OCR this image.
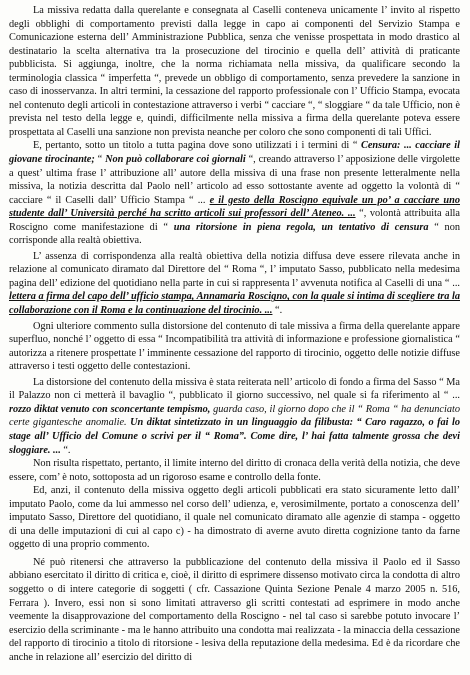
La missiva redatta dalla querelante e consegnata al Caselli conteneva unicamente l’ invito al rispetto degli obblighi di comportamento previsti dalla legge in capo ai componenti del Servizio Stampa e Comunicazione esterna dell’ Amministrazione Pubblica, senza che venisse prospettata in modo drastico al destinatario la scelta alternativa tra la prosecuzione del tirocinio e quella dell’ attività di praticante pubblicista. Si aggiunga, inoltre, che la norma richiamata nella missiva, da qualificare secondo la terminologia classica “ imperfetta “, prevede un obbligo di comportamento, senza prevedere la sanzione in caso di inosservanza. In altri termini, la cessazione del rapporto professionale con l’ Ufficio Stampa, evocata nel contenuto degli articoli in contestazione attraverso i verbi “ cacciare “, “ sloggiare “ da tale Ufficio, non è prevista nel testo della legge e, quindi, difficilmente nella missiva a firma della querelante poteva essere prospettata al Caselli una sanzione non prevista neanche per coloro che sono componenti di tali Uffici.

E, pertanto, sotto un titolo a tutta pagina dove sono utilizzati i i termini di “ Censura: ... cacciare il giovane tirocinante; “ Non può collaborare coi giornali “, creando attraverso l’ apposizione delle virgolette a quest’ ultima frase l’ attribuzione all’ autore della missiva di una frase non presente letteralmente nella missiva, la notizia descritta dal Paolo nell’ articolo ad esso sottostante avente ad oggetto la volontà di “ cacciare “ il Caselli dall’ Ufficio Stampa “ ... e il gesto della Roscigno equivale un po’ a cacciare uno studente dall’ Università perché ha scritto articoli sui professori dell’ Ateneo. ... “, volontà attribuita alla Roscigno come manifestazione di “ una ritorsione in piena regola, un tentativo di censura “ non corrisponde alla realtà obiettiva.

L’ assenza di corrispondenza alla realtà obiettiva della notizia diffusa deve essere rilevata anche in relazione al comunicato diramato dal Direttore del “ Roma “, l’ imputato Sasso, pubblicato nella medesima pagina dell’ edizione del quotidiano nella parte in cui si rappresenta l’ avvenuta notifica al Caselli di una “ ... lettera a firma del capo dell’ ufficio stampa, Annamaria Roscigno, con la quale si intima di scegliere tra la collaborazione con il Roma e la continuazione del tirocinio. ... “.

Ogni ulteriore commento sulla distorsione del contenuto di tale missiva a firma della querelante appare superfluo, nonché l’ oggetto di essa “ Incompatibilità tra attività di informazione e professione giornalistica “ autorizza a ritenere prospettate l’ imminente cessazione del rapporto di tirocinio, oggetto delle notizie diffuse attraverso i testi oggetto delle contestazioni.

La distorsione del contenuto della missiva è stata reiterata nell’ articolo di fondo a firma del Sasso “ Ma il Palazzo non ci metterà il bavaglio “, pubblicato il giorno successivo, nel quale si fa riferimento al “ ... rozzo diktat venuto con sconcertante tempismo, guarda caso, il giorno dopo che il “ Roma “ ha denunciato certe gigantesche anomalie. Un diktat sintetizzato in un linguaggio da filibusta: “ Caro ragazzo, o fai lo stage all’ Ufficio del Comune o scrivi per il “ Roma”. Come dire, l’ hai fatta talmente grossa che devi sloggiare. ... “.

Non risulta rispettato, pertanto, il limite interno del diritto di cronaca della verità della notizia, che deve essere, com’ è noto, sottoposta ad un rigoroso esame e controllo della fonte.

Ed, anzi, il contenuto della missiva oggetto degli articoli pubblicati era stato sicuramente letto dall’ imputato Paolo, come da lui ammesso nel corso dell’ udienza, e, verosimilmente, portato a conoscenza dell’ imputato Sasso, Direttore del quotidiano, il quale nel comunicato diramato alle agenzie di stampa - oggetto di una delle imputazioni di cui al capo c) - ha dimostrato di averne avuto diretta cognizione tanto da farne oggetto di una proprio commento.

Né può ritenersi che attraverso la pubblicazione del contenuto della missiva il Paolo ed il Sasso abbiano esercitato il diritto di critica e, cioè, il diritto di esprimere dissenso motivato circa la condotta di altro soggetto o di intere categorie di soggetti ( cfr. Cassazione Quinta Sezione Penale 4 marzo 2005 n. 516, Ferrara ). Invero, essi non si sono limitati attraverso gli scritti contestati ad esprimere in modo anche veemente la disapprovazione del comportamento della Roscigno - nel tal caso si sarebbe potuto invocare l’ esercizio della scriminante - ma le hanno attribuito una condotta mai realizzata - la minaccia della cessazione del rapporto di tirocinio a titolo di ritorsione - lesiva della reputazione della medesima. Ed è da ricordare che anche in relazione all’ esercizio del diritto di
